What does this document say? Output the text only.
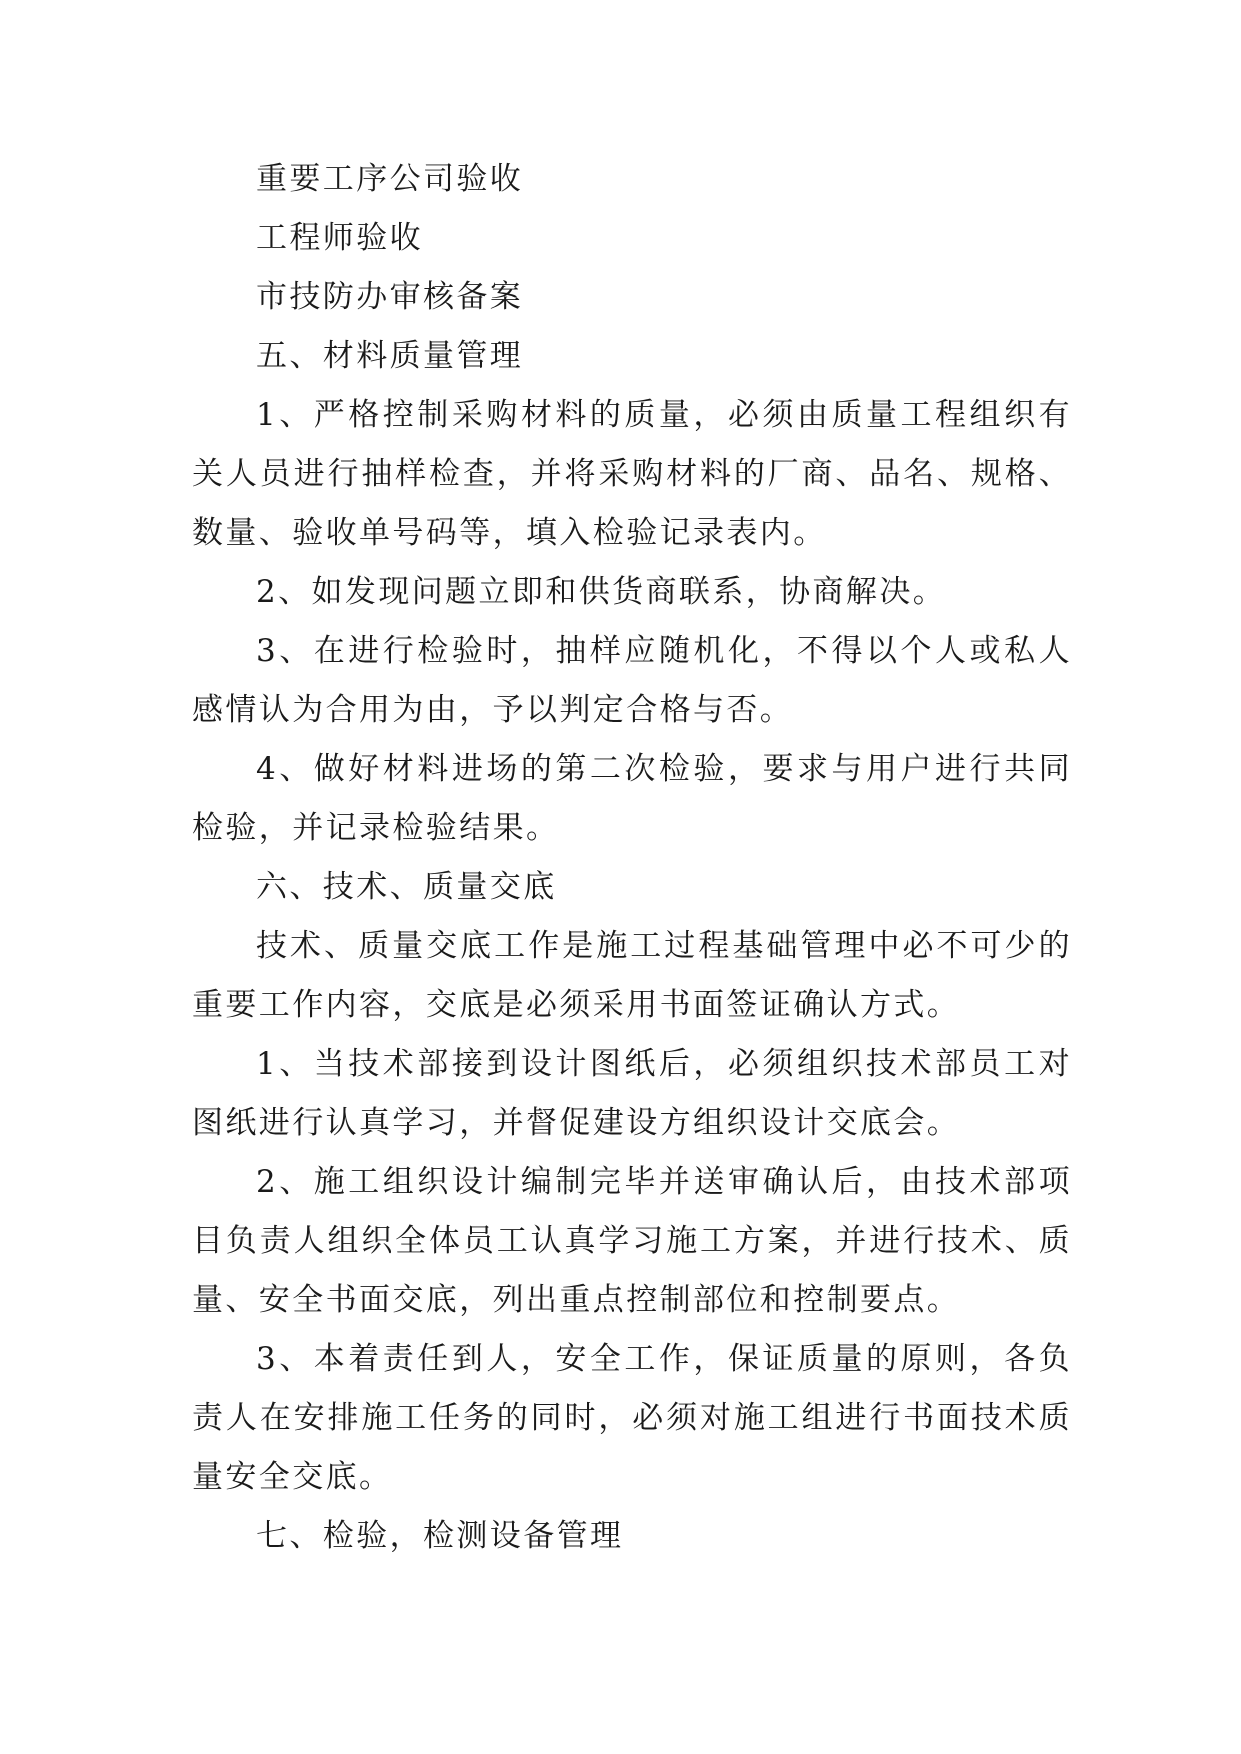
重要工序公司验收

工程师验收

市技防办审核备案

五、材料质量管理

1、严格控制采购材料的质量，必须由质量工程组织有关人员进行抽样检查，并将采购材料的厂商、品名、规格、数量、验收单号码等，填入检验记录表内。

2、如发现问题立即和供货商联系，协商解决。

3、在进行检验时，抽样应随机化，不得以个人或私人感情认为合用为由，予以判定合格与否。

4、做好材料进场的第二次检验，要求与用户进行共同检验，并记录检验结果。

六、技术、质量交底

技术、质量交底工作是施工过程基础管理中必不可少的重要工作内容，交底是必须采用书面签证确认方式。

1、当技术部接到设计图纸后，必须组织技术部员工对图纸进行认真学习，并督促建设方组织设计交底会。

2、施工组织设计编制完毕并送审确认后，由技术部项目负责人组织全体员工认真学习施工方案，并进行技术、质量、安全书面交底，列出重点控制部位和控制要点。

3、本着责任到人，安全工作，保证质量的原则，各负责人在安排施工任务的同时，必须对施工组进行书面技术质量安全交底。

七、检验，检测设备管理
